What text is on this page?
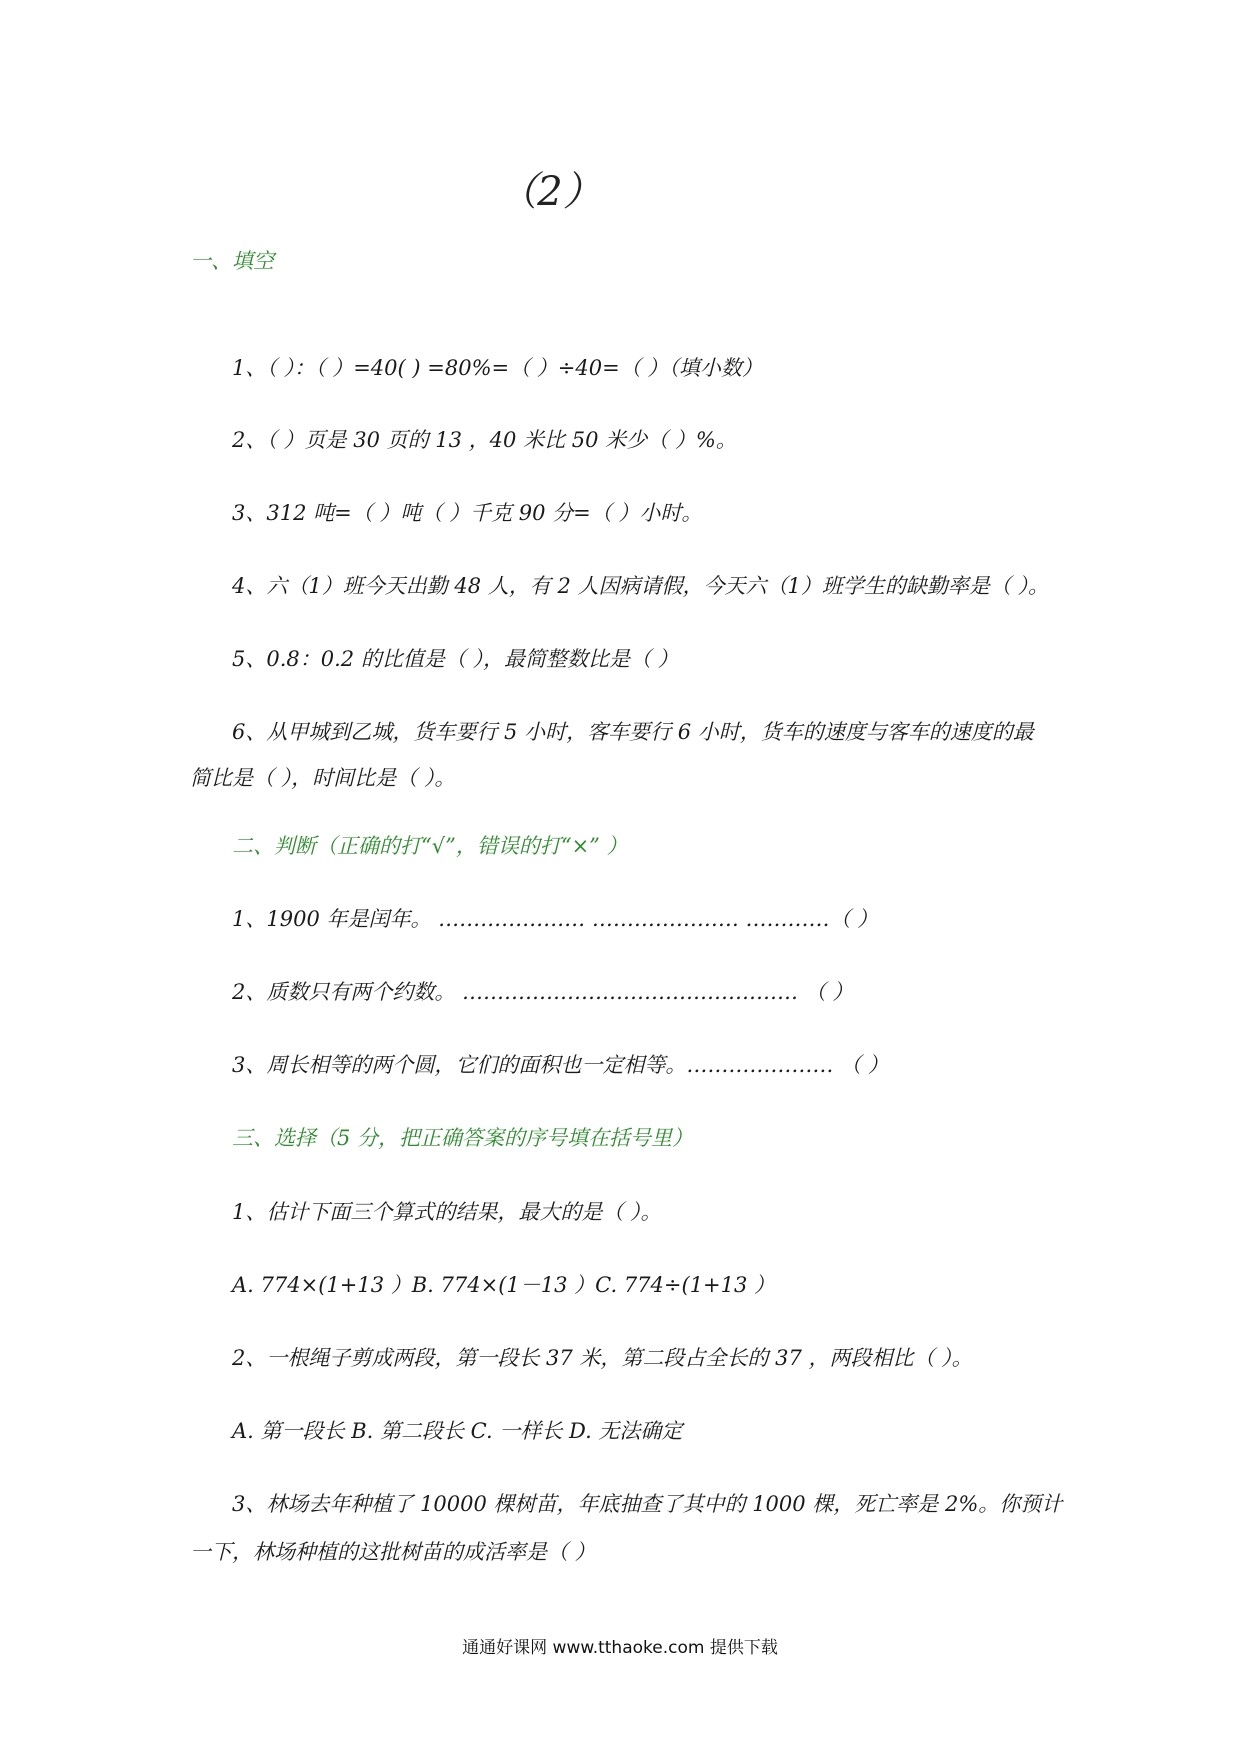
（2）
一、填空
1、（ ）：（ ）=40( ) =80%=（ ）÷40=（ ）（填小数）
2、（ ）页是 30 页的 13 ，40 米比 50 米少（ ）%。
3、312 吨=（ ）吨（ ）千克 90 分=（ ）小时。
4、六（1）班今天出勤 48 人，有 2 人因病请假，今天六（1）班学生的缺勤率是（ ）。
5、0.8：0.2 的比值是（ ），最简整数比是（ ）
6、从甲城到乙城，货车要行 5 小时，客车要行 6 小时，货车的速度与客车的速度的最
简比是（ ），时间比是（ ）。
二、判断（正确的打“√”，错误的打“×” ）
1、1900 年是闰年。 ………………… ………………… …………（ ）
2、质数只有两个约数。 ………………………………………… （ ）
3、周长相等的两个圆，它们的面积也一定相等。………………… （ ）
三、选择（5 分，把正确答案的序号填在括号里）
1、估计下面三个算式的结果，最大的是（ ）。
A. 774×(1+13 ）B. 774×(1－13 ）C. 774÷(1+13 ）
2、一根绳子剪成两段，第一段长 37 米，第二段占全长的 37 ，两段相比（ ）。
A. 第一段长 B. 第二段长 C. 一样长 D. 无法确定
3、林场去年种植了 10000 棵树苗，年底抽查了其中的 1000 棵，死亡率是 2%。你预计
一下，林场种植的这批树苗的成活率是（ ）
通通好课网 www.tthaoke.com 提供下载
